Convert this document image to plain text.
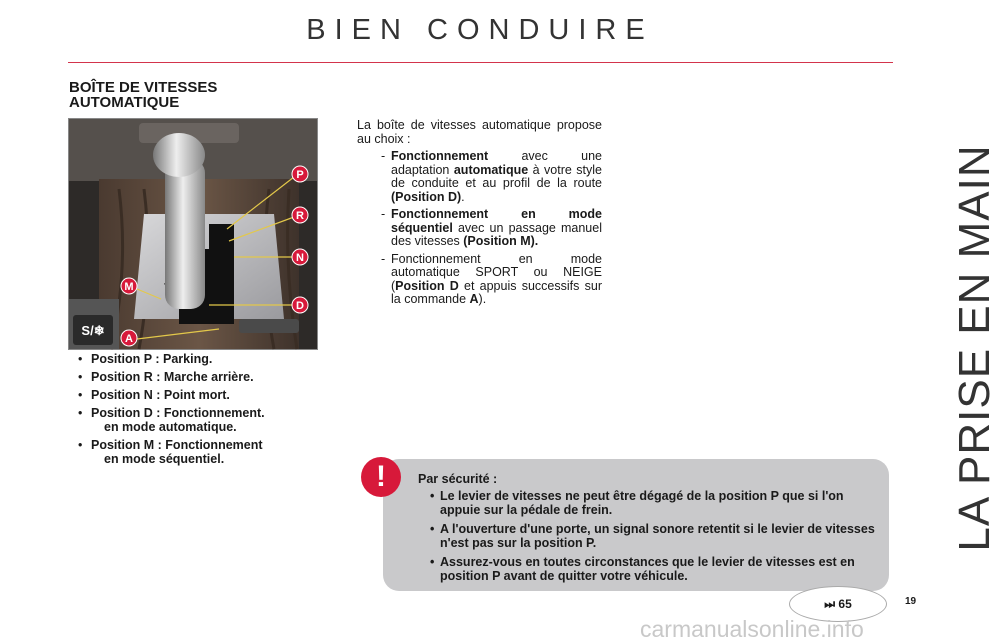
BIEN CONDUIRE
BOÎTE DE VITESSES
AUTOMATIQUE
S/❄
P
R
N
D
M
A
• Position P : Parking.
• Position R : Marche arrière.
• Position N : Point mort.
• Position D : Fonctionnement.
en mode automatique.
• Position M : Fonctionnement
en mode séquentiel.

La boîte de vitesses automatique propose au choix :

- Fonctionnement avec une adaptation automatique à votre style de conduite et au profil de la route (Position D).
- Fonctionnement en mode séquentiel avec un passage manuel des vitesses (Position M).
- Fonctionnement en mode automatique SPORT ou NEIGE (Position D et appuis successifs sur la commande A).	LA PRISE EN MAIN
!	Par sécurité :
• Le levier de vitesses ne peut être dégagé de la position P que si l'on appuie sur la pédale de frein.
• A l'ouverture d'une porte, un signal sonore retentit si le levier de vitesses n'est pas sur la position P.
• Assurez-vous en toutes circonstances que le levier de vitesses est en position P avant de quitter votre véhicule.
⏭ 65	19
carmanualsonline.info
